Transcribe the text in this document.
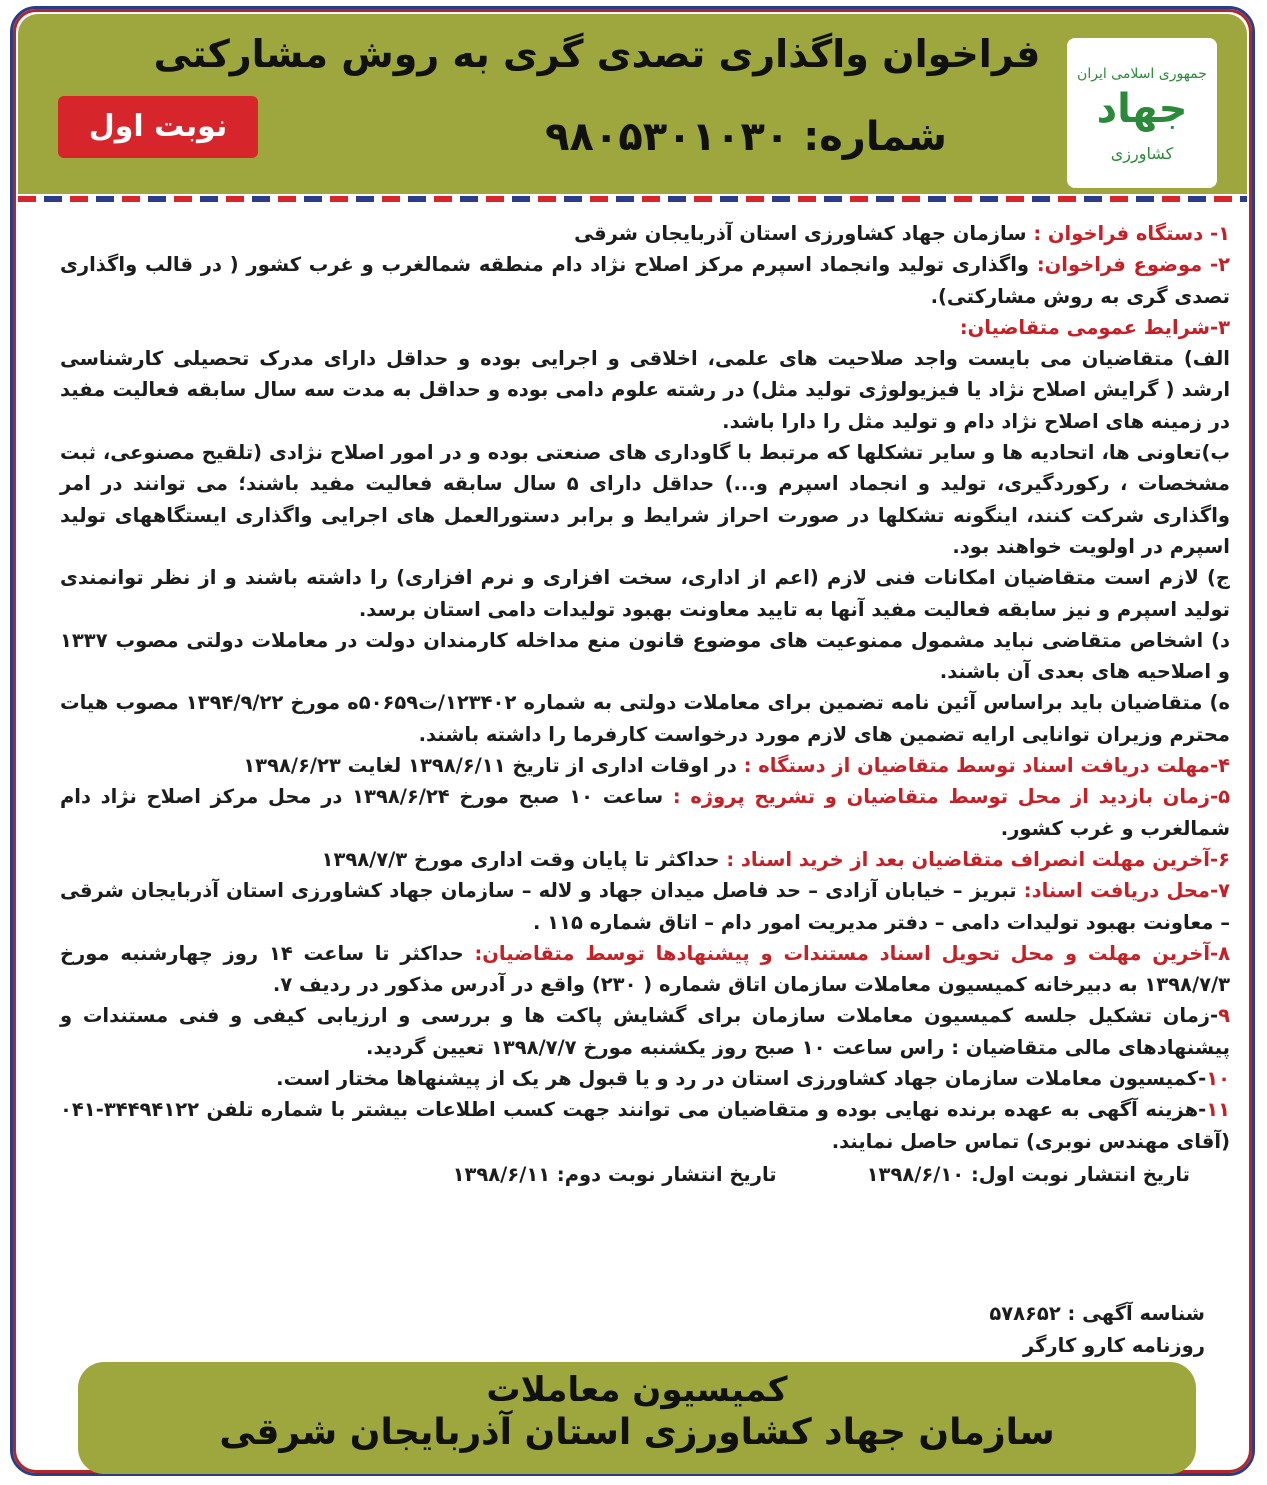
جمهوری اسلامی ایران
جهاد
کشاورزی
فراخوان واگذاری تصدی گری به روش مشارکتی
شماره: ۹۸۰۵۳۰۱۰۳۰
نوبت اول

۱- دستگاه فراخوان : سازمان جهاد کشاورزی استان آذربایجان شرقی

۲- موضوع فراخوان: واگذاری تولید وانجماد اسپرم مرکز اصلاح نژاد دام منطقه شمالغرب و غرب کشور ( در قالب واگذاری تصدی گری به روش مشارکتی).

۳-شرایط عمومی متقاضیان:

الف) متقاضیان می بایست واجد صلاحیت های علمی، اخلاقی و اجرایی بوده و حداقل دارای مدرک تحصیلی کارشناسی ارشد ( گرایش اصلاح نژاد یا فیزیولوژی تولید مثل) در رشته علوم دامی بوده و حداقل به مدت سه سال سابقه فعالیت مفید در زمینه های اصلاح نژاد دام و تولید مثل را دارا باشد.

ب)تعاونی ها، اتحادیه ها و سایر تشکلها که مرتبط با گاوداری های صنعتی بوده و در امور اصلاح نژادی (تلقیح مصنوعی، ثبت مشخصات ، رکوردگیری، تولید و انجماد اسپرم و...) حداقل دارای ۵ سال سابقه فعالیت مفید باشند؛ می توانند در امر واگذاری شرکت کنند، اینگونه تشکلها در صورت احراز شرایط و برابر دستورالعمل های اجرایی واگذاری ایستگاههای تولید اسپرم در اولویت خواهند بود.

ج) لازم است متقاضیان امکانات فنی لازم (اعم از اداری، سخت افزاری و نرم افزاری) را داشته باشند و از نظر توانمندی تولید اسپرم و نیز سابقه فعالیت مفید آنها به تایید معاونت بهبود تولیدات دامی استان برسد.

د) اشخاص متقاضی نباید مشمول ممنوعیت های موضوع قانون منع مداخله کارمندان دولت در معاملات دولتی مصوب ۱۳۳۷ و اصلاحیه های بعدی آن باشند.

ه) متقاضیان باید براساس آئین نامه تضمین برای معاملات دولتی به شماره ۱۲۳۴۰۲/ت۵۰۶۵۹ه مورخ ۱۳۹۴/۹/۲۲ مصوب هیات محترم وزیران توانایی ارایه تضمین های لازم مورد درخواست کارفرما را داشته باشند.

۴-مهلت دریافت اسناد توسط متقاضیان از دستگاه : در اوقات اداری از تاریخ ۱۳۹۸/۶/۱۱ لغایت ۱۳۹۸/۶/۲۳

۵-زمان بازدید از محل توسط متقاضیان و تشریح پروژه : ساعت ۱۰ صبح مورخ ۱۳۹۸/۶/۲۴ در محل مرکز اصلاح نژاد دام شمالغرب و غرب کشور.

۶-آخرین مهلت انصراف متقاضیان بعد از خرید اسناد : حداکثر تا پایان وقت اداری مورخ ۱۳۹۸/۷/۳

۷-محل دریافت اسناد: تبریز – خیابان آزادی – حد فاصل میدان جهاد و لاله – سازمان جهاد کشاورزی استان آذربایجان شرقی – معاونت بهبود تولیدات دامی – دفتر مدیریت امور دام – اتاق شماره ۱۱۵ .

۸-آخرین مهلت و محل تحویل اسناد مستندات و پیشنهادها توسط متقاضیان: حداکثر تا ساعت ۱۴ روز چهارشنبه مورخ ۱۳۹۸/۷/۳ به دبیرخانه کمیسیون معاملات سازمان اتاق شماره ( ۲۳۰) واقع در آدرس مذکور در ردیف ۷.

۹-زمان تشکیل جلسه کمیسیون معاملات سازمان برای گشایش پاکت ها و بررسی و ارزیابی کیفی و فنی مستندات و پیشنهادهای مالی متقاضیان : راس ساعت ۱۰ صبح روز یکشنبه مورخ ۱۳۹۸/۷/۷ تعیین گردید.

۱۰-کمیسیون معاملات سازمان جهاد کشاورزی استان در رد و یا قبول هر یک از پیشنهاها مختار است.

۱۱-هزینه آگهی به عهده برنده نهایی بوده و متقاضیان می توانند جهت کسب اطلاعات بیشتر با شماره تلفن ۳۴۴۹۴۱۲۲-۰۴۱ (آقای مهندس نوبری) تماس حاصل نمایند.

تاریخ انتشار نوبت اول: ۱۳۹۸/۶/۱۰تاریخ انتشار نوبت دوم: ۱۳۹۸/۶/۱۱
شناسه آگهی : ۵۷۸۶۵۲
روزنامه کارو کارگر
کمیسیون معاملات
سازمان جهاد کشاورزی استان آذربایجان شرقی
